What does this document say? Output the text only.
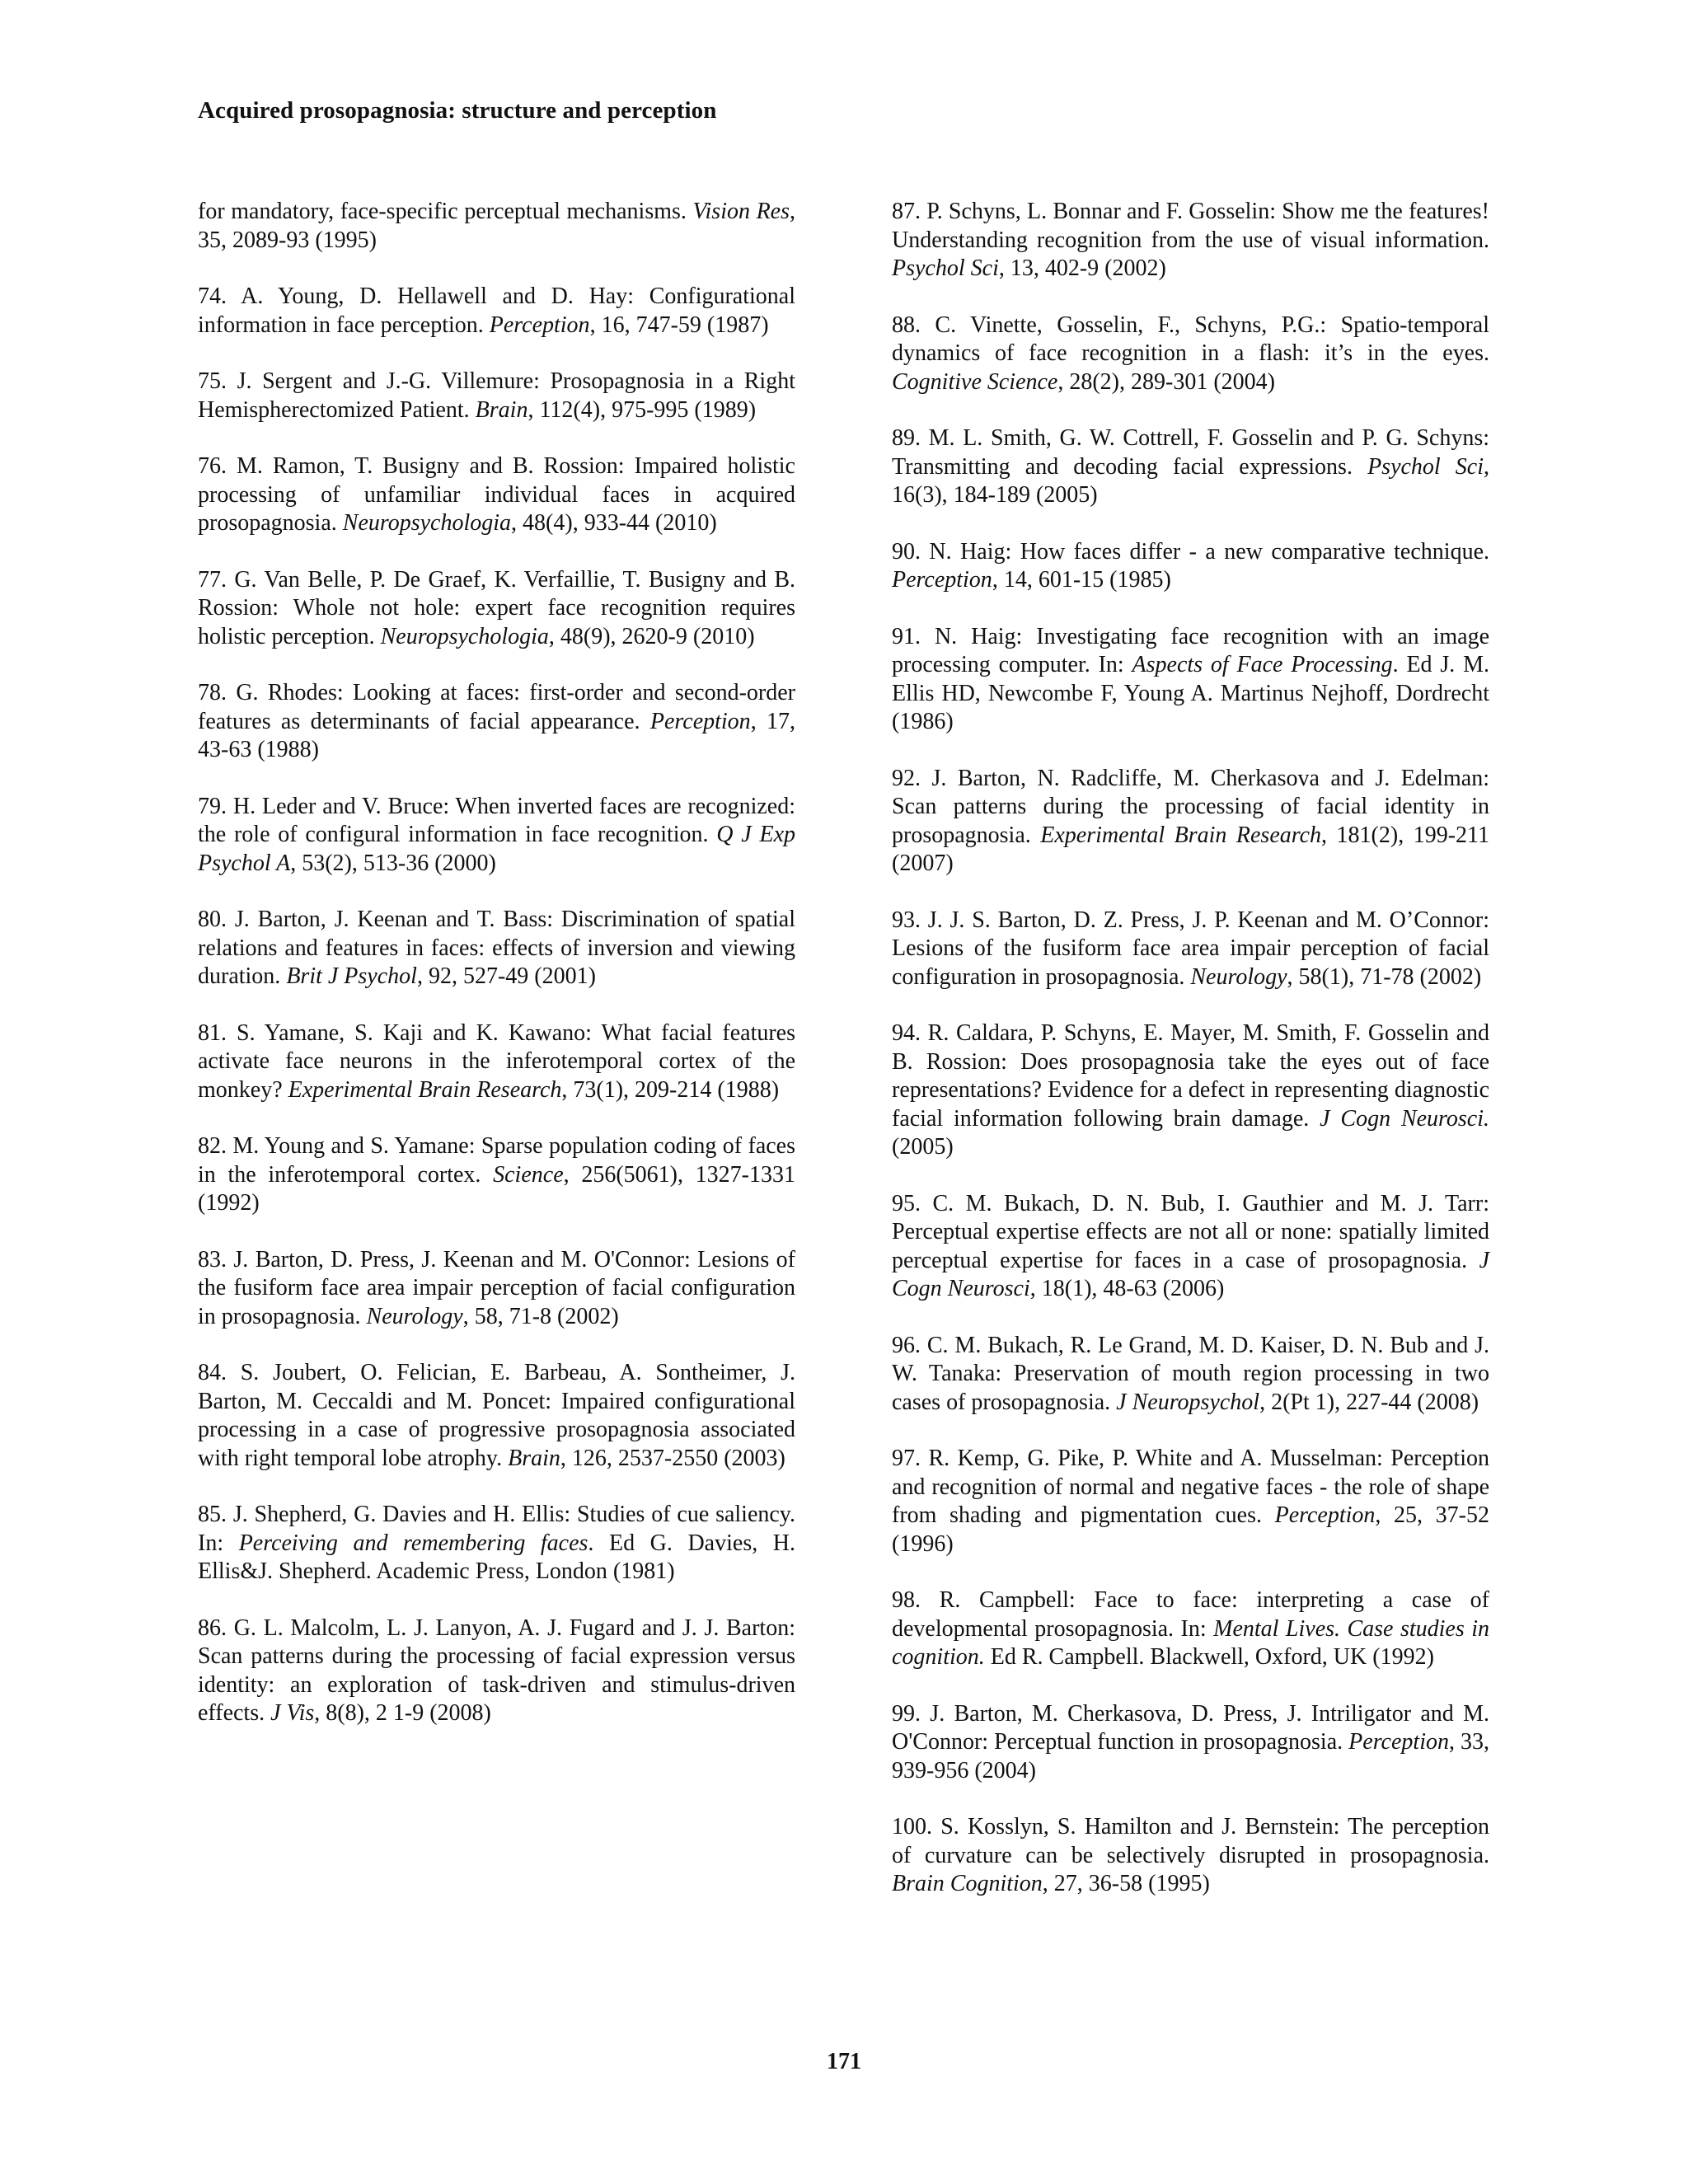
Acquired prosopagnosia: structure and perception

for mandatory, face-specific perceptual mechanisms. Vision Res, 35, 2089-93 (1995)

74. A. Young, D. Hellawell and D. Hay: Configurational information in face perception. Perception, 16, 747-59 (1987)

75. J. Sergent and J.-G. Villemure: Prosopagnosia in a Right Hemispherectomized Patient. Brain, 112(4), 975-995 (1989)

76. M. Ramon, T. Busigny and B. Rossion: Impaired holistic processing of unfamiliar individual faces in acquired prosopagnosia. Neuropsychologia, 48(4), 933-44 (2010)

77. G. Van Belle, P. De Graef, K. Verfaillie, T. Busigny and B. Rossion: Whole not hole: expert face recognition requires holistic perception. Neuropsychologia, 48(9), 2620-9 (2010)

78. G. Rhodes: Looking at faces: first-order and second-order features as determinants of facial appearance. Perception, 17, 43-63 (1988)

79. H. Leder and V. Bruce: When inverted faces are recognized: the role of configural information in face recognition. Q J Exp Psychol A, 53(2), 513-36 (2000)

80. J. Barton, J. Keenan and T. Bass: Discrimination of spatial relations and features in faces: effects of inversion and viewing duration. Brit J Psychol, 92, 527-49 (2001)

81. S. Yamane, S. Kaji and K. Kawano: What facial features activate face neurons in the inferotemporal cortex of the monkey? Experimental Brain Research, 73(1), 209-214 (1988)

82. M. Young and S. Yamane: Sparse population coding of faces in the inferotemporal cortex. Science, 256(5061), 1327-1331 (1992)

83. J. Barton, D. Press, J. Keenan and M. O'Connor: Lesions of the fusiform face area impair perception of facial configuration in prosopagnosia. Neurology, 58, 71-8 (2002)

84. S. Joubert, O. Felician, E. Barbeau, A. Sontheimer, J. Barton, M. Ceccaldi and M. Poncet: Impaired configurational processing in a case of progressive prosopagnosia associated with right temporal lobe atrophy. Brain, 126, 2537-2550 (2003)

85. J. Shepherd, G. Davies and H. Ellis: Studies of cue saliency. In: Perceiving and remembering faces. Ed G. Davies, H. Ellis&J. Shepherd. Academic Press, London (1981)

86. G. L. Malcolm, L. J. Lanyon, A. J. Fugard and J. J. Barton: Scan patterns during the processing of facial expression versus identity: an exploration of task-driven and stimulus-driven effects. J Vis, 8(8), 2 1-9 (2008)

87. P. Schyns, L. Bonnar and F. Gosselin: Show me the features! Understanding recognition from the use of visual information. Psychol Sci, 13, 402-9 (2002)

88. C. Vinette, Gosselin, F., Schyns, P.G.: Spatio-temporal dynamics of face recognition in a flash: it’s in the eyes. Cognitive Science, 28(2), 289-301 (2004)

89. M. L. Smith, G. W. Cottrell, F. Gosselin and P. G. Schyns: Transmitting and decoding facial expressions. Psychol Sci, 16(3), 184-189 (2005)

90. N. Haig: How faces differ - a new comparative technique. Perception, 14, 601-15 (1985)

91. N. Haig: Investigating face recognition with an image processing computer. In: Aspects of Face Processing. Ed J. M. Ellis HD, Newcombe F, Young A. Martinus Nejhoff, Dordrecht (1986)

92. J. Barton, N. Radcliffe, M. Cherkasova and J. Edelman: Scan patterns during the processing of facial identity in prosopagnosia. Experimental Brain Research, 181(2), 199-211 (2007)

93. J. J. S. Barton, D. Z. Press, J. P. Keenan and M. O’Connor: Lesions of the fusiform face area impair perception of facial configuration in prosopagnosia. Neurology, 58(1), 71-78 (2002)

94. R. Caldara, P. Schyns, E. Mayer, M. Smith, F. Gosselin and B. Rossion: Does prosopagnosia take the eyes out of face representations? Evidence for a defect in representing diagnostic facial information following brain damage. J Cogn Neurosci. (2005)

95. C. M. Bukach, D. N. Bub, I. Gauthier and M. J. Tarr: Perceptual expertise effects are not all or none: spatially limited perceptual expertise for faces in a case of prosopagnosia. J Cogn Neurosci, 18(1), 48-63 (2006)

96. C. M. Bukach, R. Le Grand, M. D. Kaiser, D. N. Bub and J. W. Tanaka: Preservation of mouth region processing in two cases of prosopagnosia. J Neuropsychol, 2(Pt 1), 227-44 (2008)

97. R. Kemp, G. Pike, P. White and A. Musselman: Perception and recognition of normal and negative faces - the role of shape from shading and pigmentation cues. Perception, 25, 37-52 (1996)

98. R. Campbell: Face to face: interpreting a case of developmental prosopagnosia. In: Mental Lives. Case studies in cognition. Ed R. Campbell. Blackwell, Oxford, UK (1992)

99. J. Barton, M. Cherkasova, D. Press, J. Intriligator and M. O'Connor: Perceptual function in prosopagnosia. Perception, 33, 939-956 (2004)

100. S. Kosslyn, S. Hamilton and J. Bernstein: The perception of curvature can be selectively disrupted in prosopagnosia. Brain Cognition, 27, 36-58 (1995)

171
